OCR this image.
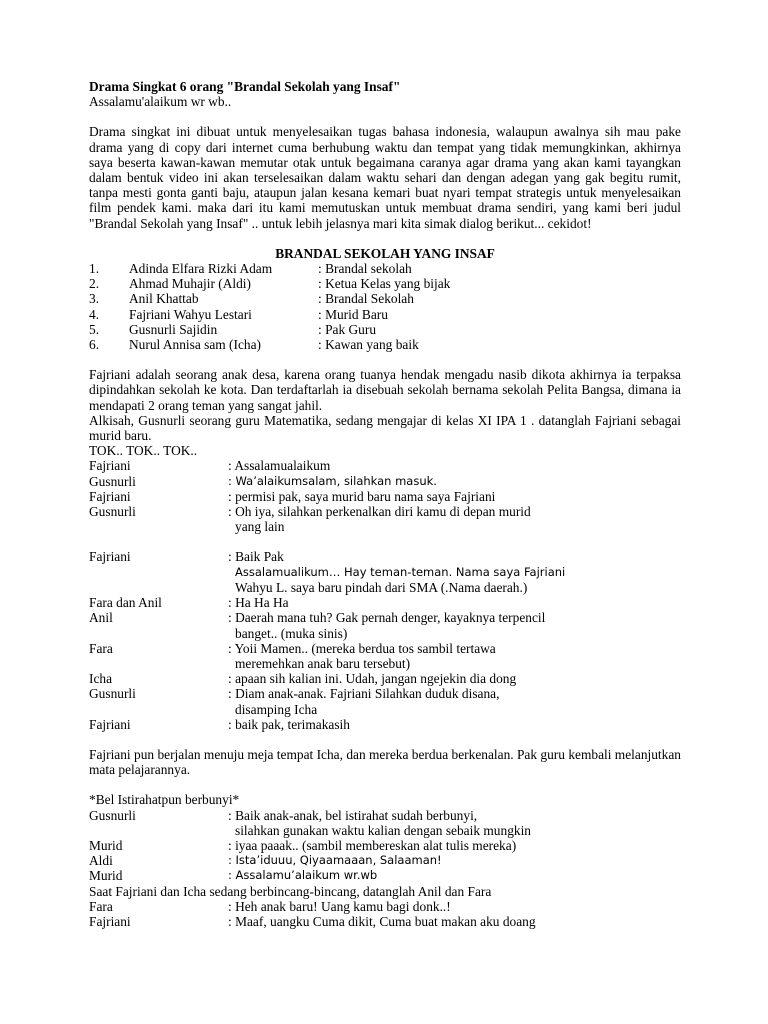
Drama Singkat 6 orang "Brandal Sekolah yang Insaf"
Assalamu'alaikum wr wb..
Drama singkat ini dibuat untuk menyelesaikan tugas bahasa indonesia, walaupun awalnya sih mau pake drama yang di copy dari internet cuma berhubung waktu dan tempat yang tidak memungkinkan, akhirnya saya beserta kawan-kawan memutar otak untuk begaimana caranya agar drama yang akan kami tayangkan dalam bentuk video ini akan terselesaikan dalam waktu sehari dan dengan adegan yang gak begitu rumit, tanpa mesti gonta ganti baju, ataupun jalan kesana kemari buat nyari tempat strategis untuk menyelesaikan film pendek kami. maka dari itu kami memutuskan untuk membuat drama sendiri, yang kami beri judul "Brandal Sekolah yang Insaf" .. untuk lebih jelasnya mari kita simak dialog berikut... cekidot!
BRANDAL SEKOLAH YANG INSAF
1.	Adinda Elfara Rizki Adam	: Brandal sekolah
2.	Ahmad Muhajir (Aldi)	: Ketua Kelas yang bijak
3.	Anil Khattab	: Brandal Sekolah
4.	Fajriani Wahyu Lestari	: Murid Baru
5.	Gusnurli Sajidin	: Pak Guru
6.	Nurul Annisa sam (Icha)	: Kawan yang baik
Fajriani adalah seorang anak desa, karena orang tuanya hendak mengadu nasib dikota akhirnya ia terpaksa dipindahkan sekolah ke kota. Dan terdaftarlah ia disebuah sekolah bernama sekolah Pelita Bangsa, dimana ia mendapati 2 orang teman yang sangat jahil.
Alkisah, Gusnurli seorang guru Matematika, sedang mengajar di kelas XI IPA 1 . datanglah Fajriani sebagai murid baru.
TOK.. TOK.. TOK..
Fajriani	: Assalamualaikum
Gusnurli	: Wa’alaikumsalam, silahkan masuk.
Fajriani	: permisi pak, saya murid baru nama saya Fajriani
Gusnurli	: Oh iya, silahkan perkenalkan diri kamu di depan murid
yang lain
Fajriani	: Baik Pak
Assalamualikum… Hay teman-teman. Nama saya Fajriani
Wahyu L. saya baru pindah dari SMA (.Nama daerah.)
Fara dan Anil	: Ha Ha Ha
Anil	: Daerah mana tuh? Gak pernah denger, kayaknya terpencil
banget.. (muka sinis)
Fara	: Yoii Mamen.. (mereka berdua tos sambil tertawa
meremehkan anak baru tersebut)
Icha	: apaan sih kalian ini. Udah, jangan ngejekin dia dong
Gusnurli	: Diam anak-anak. Fajriani Silahkan duduk disana,
disamping Icha
Fajriani	: baik pak, terimakasih
Fajriani pun berjalan menuju meja tempat Icha, dan mereka berdua berkenalan. Pak guru kembali melanjutkan mata pelajarannya.
*Bel Istirahatpun berbunyi*
Gusnurli	: Baik anak-anak, bel istirahat sudah berbunyi,
silahkan gunakan waktu kalian dengan sebaik mungkin
Murid	: iyaa paaak.. (sambil membereskan alat tulis mereka)
Aldi	: Ista’iduuu, Qiyaamaaan, Salaaman!
Murid	: Assalamu’alaikum wr.wb
Saat Fajriani dan Icha sedang berbincang-bincang, datanglah Anil dan Fara
Fara	: Heh anak baru! Uang kamu bagi donk..!
Fajriani	: Maaf, uangku Cuma dikit, Cuma buat makan aku doang
